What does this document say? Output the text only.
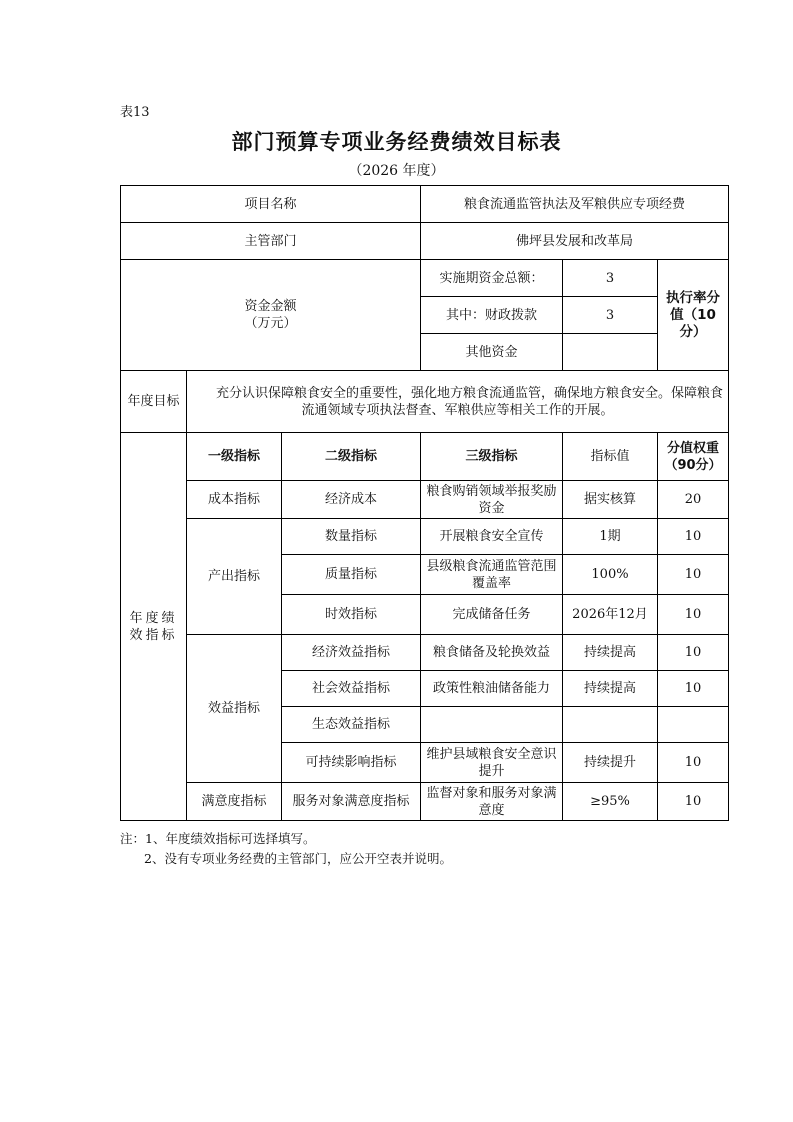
表13
部门预算专项业务经费绩效目标表
（2026 年度）
项目名称			粮食流通监管执法及军粮供应专项经费		
主管部门			佛坪县发展和改革局		
资金金额
（万元）			实施期资金总额：	3	执行率分值（10分）
			其中：财政拨款	3	
			其他资金		
年度目标	充分认识保障粮食安全的重要性，强化地方粮食流通监管，确保地方粮食安全。保障粮食流通领域专项执法督查、军粮供应等相关工作的开展。				
年度绩效指标	一级指标	二级指标	三级指标	指标值	分值权重（90分）
	成本指标	经济成本	粮食购销领域举报奖励资金	据实核算	20
	产出指标	数量指标	开展粮食安全宣传	1期	10
		质量指标	县级粮食流通监管范围覆盖率	100%	10
		时效指标	完成储备任务	2026年12月	10
	效益指标	经济效益指标	粮食储备及轮换效益	持续提高	10
		社会效益指标	政策性粮油储备能力	持续提高	10
		生态效益指标			
		可持续影响指标	维护县域粮食安全意识提升	持续提升	10
	满意度指标	服务对象满意度指标	监督对象和服务对象满意度	≥95%	10
注：1、年度绩效指标可选择填写。
2、没有专项业务经费的主管部门，应公开空表并说明。
